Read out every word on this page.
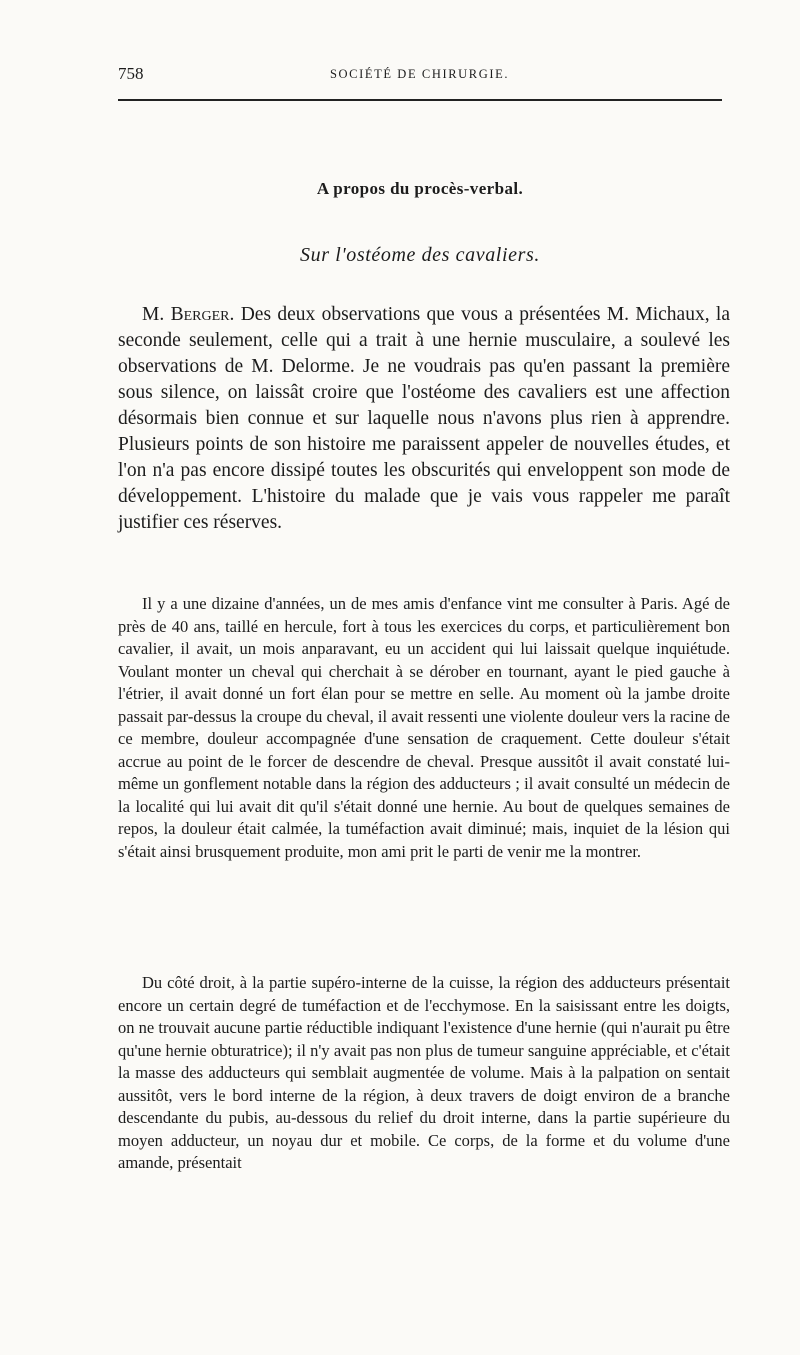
758	SOCIÉTÉ DE CHIRURGIE.
A propos du procès-verbal.
Sur l'ostéome des cavaliers.

M. Berger. Des deux observations que vous a présentées M. Michaux, la seconde seulement, celle qui a trait à une hernie musculaire, a soulevé les observations de M. Delorme. Je ne voudrais pas qu'en passant la première sous silence, on laissât croire que l'ostéome des cavaliers est une affection désormais bien connue et sur laquelle nous n'avons plus rien à apprendre. Plusieurs points de son histoire me paraissent appeler de nouvelles études, et l'on n'a pas encore dissipé toutes les obscurités qui enveloppent son mode de développement. L'histoire du malade que je vais vous rappeler me paraît justifier ces réserves.

Il y a une dizaine d'années, un de mes amis d'enfance vint me consulter à Paris. Agé de près de 40 ans, taillé en hercule, fort à tous les exercices du corps, et particulièrement bon cavalier, il avait, un mois anparavant, eu un accident qui lui laissait quelque inquiétude. Voulant monter un cheval qui cherchait à se dérober en tournant, ayant le pied gauche à l'étrier, il avait donné un fort élan pour se mettre en selle. Au moment où la jambe droite passait par-dessus la croupe du cheval, il avait ressenti une violente douleur vers la racine de ce membre, douleur accompagnée d'une sensation de craquement. Cette douleur s'était accrue au point de le forcer de descendre de cheval. Presque aussitôt il avait constaté lui-même un gonflement notable dans la région des adducteurs ; il avait consulté un médecin de la localité qui lui avait dit qu'il s'était donné une hernie. Au bout de quelques semaines de repos, la douleur était calmée, la tuméfaction avait diminué; mais, inquiet de la lésion qui s'était ainsi brusquement produite, mon ami prit le parti de venir me la montrer.

Du côté droit, à la partie supéro-interne de la cuisse, la région des adducteurs présentait encore un certain degré de tuméfaction et de l'ecchymose. En la saisissant entre les doigts, on ne trouvait aucune partie réductible indiquant l'existence d'une hernie (qui n'aurait pu être qu'une hernie obturatrice); il n'y avait pas non plus de tumeur sanguine appréciable, et c'était la masse des adducteurs qui semblait augmentée de volume. Mais à la palpation on sentait aussitôt, vers le bord interne de la région, à deux travers de doigt environ de a branche descendante du pubis, au-dessous du relief du droit interne, dans la partie supérieure du moyen adducteur, un noyau dur et mobile. Ce corps, de la forme et du volume d'une amande, présentait
